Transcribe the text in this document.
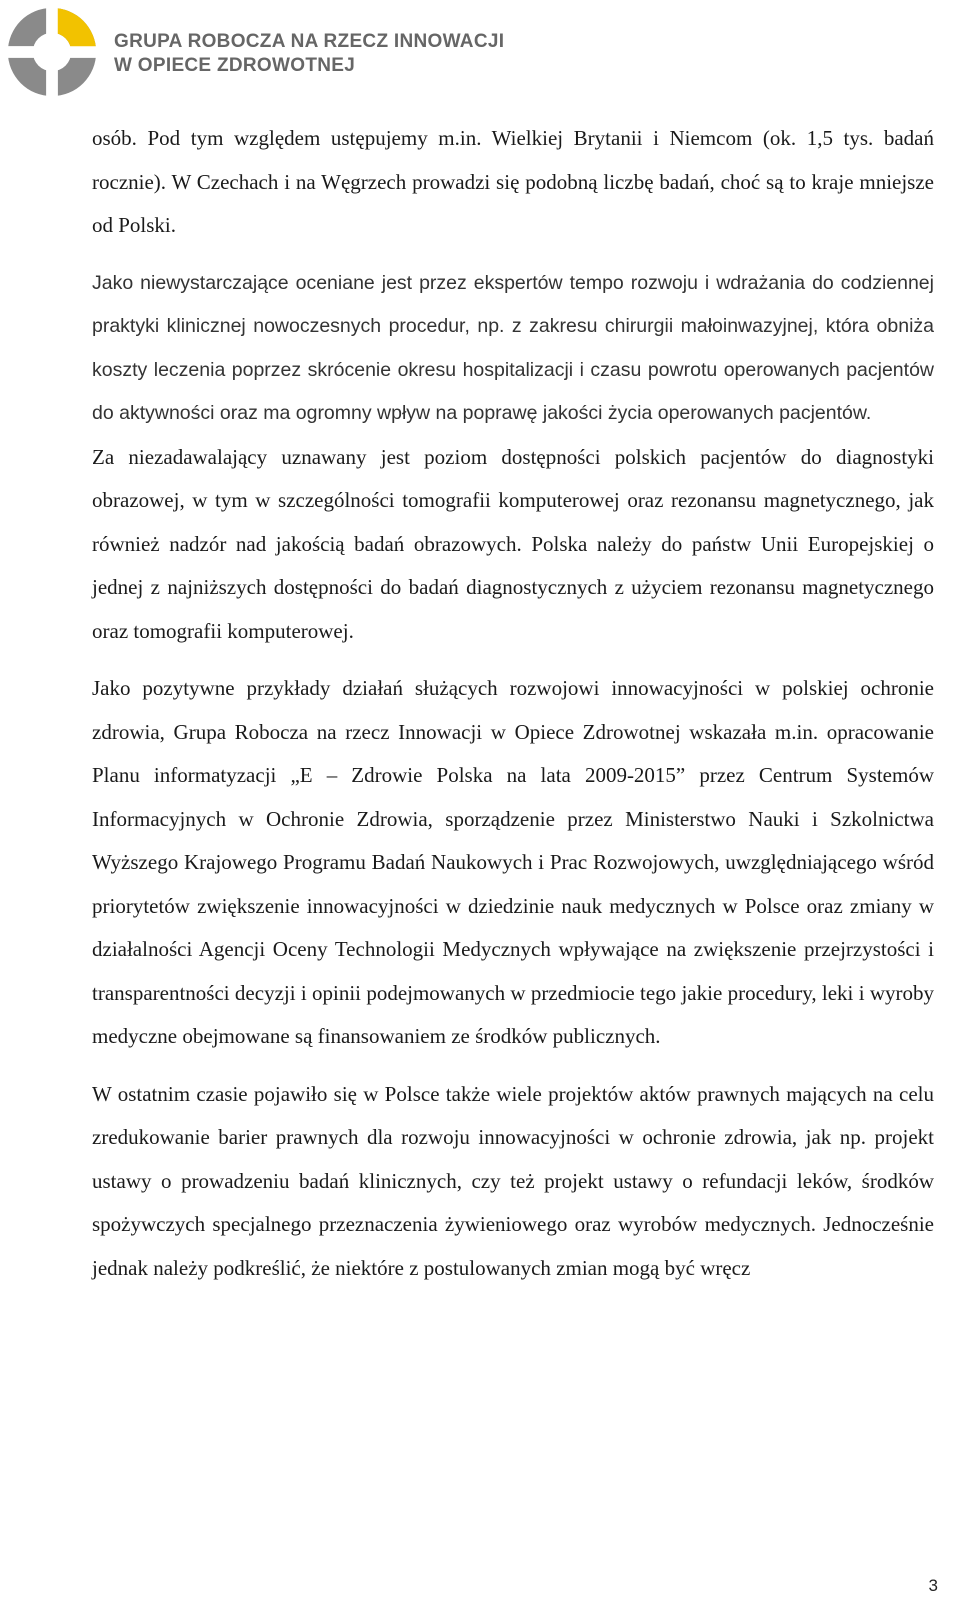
GRUPA ROBOCZA NA RZECZ INNOWACJI
W OPIECE ZDROWOTNEJ

osób. Pod tym względem ustępujemy m.in. Wielkiej Brytanii i Niemcom (ok. 1,5 tys. badań rocznie). W Czechach i na Węgrzech prowadzi się podobną liczbę badań, choć są to kraje mniejsze od Polski.

Jako niewystarczające oceniane jest przez ekspertów tempo rozwoju i wdrażania do codziennej praktyki klinicznej nowoczesnych procedur, np. z zakresu chirurgii małoinwazyjnej, która obniża koszty leczenia poprzez skrócenie okresu hospitalizacji i czasu powrotu operowanych pacjentów do aktywności oraz ma ogromny wpływ na poprawę jakości życia operowanych pacjentów.

Za niezadawalający uznawany jest poziom dostępności polskich pacjentów do diagnostyki obrazowej, w tym w szczególności tomografii komputerowej oraz rezonansu magnetycznego, jak również nadzór nad jakością badań obrazowych. Polska należy do państw Unii Europejskiej o jednej z najniższych dostępności do badań diagnostycznych z użyciem rezonansu magnetycznego oraz tomografii komputerowej.

Jako pozytywne przykłady działań służących rozwojowi innowacyjności w polskiej ochronie zdrowia, Grupa Robocza na rzecz Innowacji w Opiece Zdrowotnej wskazała m.in. opracowanie Planu informatyzacji „E – Zdrowie Polska na lata 2009-2015” przez Centrum Systemów Informacyjnych w Ochronie Zdrowia, sporządzenie przez Ministerstwo Nauki i Szkolnictwa Wyższego Krajowego Programu Badań Naukowych i Prac Rozwojowych, uwzględniającego wśród priorytetów zwiększenie innowacyjności w dziedzinie nauk medycznych w Polsce oraz zmiany w działalności Agencji Oceny Technologii Medycznych wpływające na zwiększenie przejrzystości i transparentności decyzji i opinii podejmowanych w przedmiocie tego jakie procedury, leki i wyroby medyczne obejmowane są finansowaniem ze środków publicznych.

W ostatnim czasie pojawiło się w Polsce także wiele projektów aktów prawnych mających na celu zredukowanie barier prawnych dla rozwoju innowacyjności w ochronie zdrowia, jak np. projekt ustawy o prowadzeniu badań klinicznych, czy też projekt ustawy o refundacji leków, środków spożywczych specjalnego przeznaczenia żywieniowego oraz wyrobów medycznych. Jednocześnie jednak należy podkreślić, że niektóre z postulowanych zmian mogą być wręcz

3
